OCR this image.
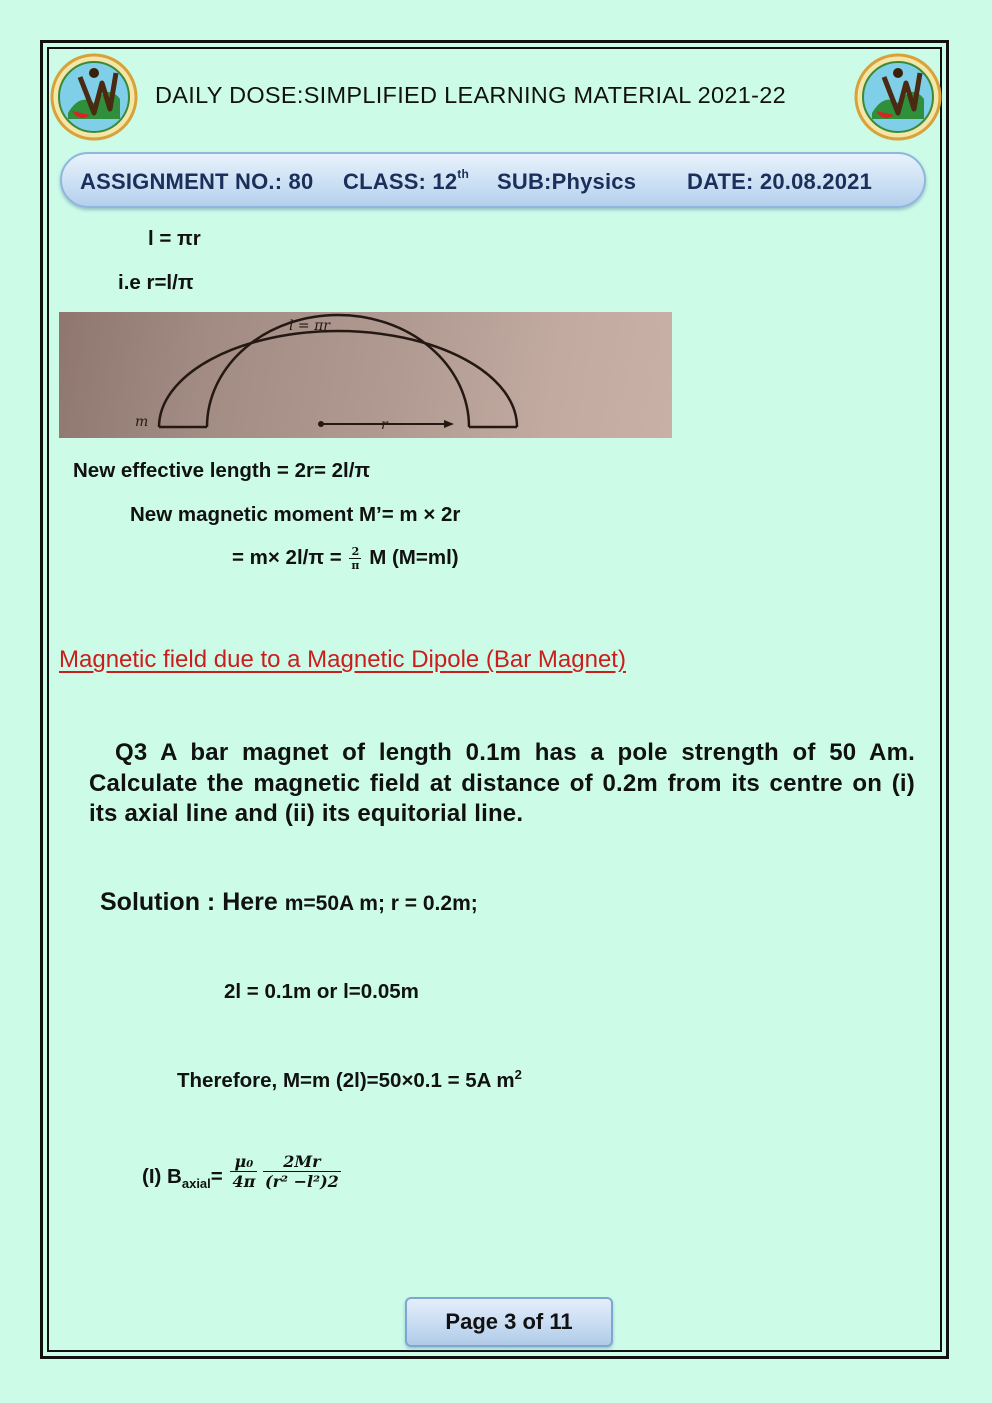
DAILY DOSE:SIMPLIFIED LEARNING MATERIAL 2021-22
ASSIGNMENT NO.: 80 CLASS: 12th SUB:Physics DATE: 20.08.2021
l = πr
i.e r=l/π
m	r
l = πr
New effective length = 2r= 2l/π
New magnetic moment M’= m × 2r
= $m\times 2l/\pi = \frac{2}{\pi}$ M (M=ml)
Magnetic field due to a Magnetic Dipole (Bar Magnet)
Q3 A bar magnet of length 0.1m has a pole strength of 50 Am. Calculate the magnetic field at distance of 0.2m from its centre on (i) its axial line and (ii) its equitorial line.
Solution : Here m=50A m; r = 0.2m;
2l = 0.1m or l=0.05m
Therefore, M=m (2l)=50×0.1 = 5A $m^2$
(I) $B_{axial}= \frac{\text{μ₀}}{4\pi}$
$\frac{2Mr}{\text{(r² −l²)2}}$
Page 3 of 11
